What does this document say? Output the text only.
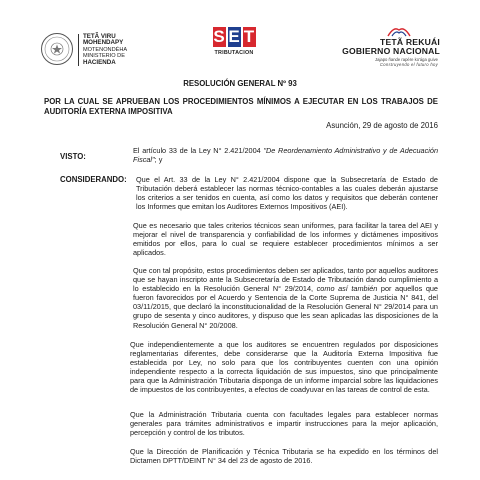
TETÃ VIRU
MOHENDAPY
MOTENONDÉHA
MINISTERIO DE
HACIENDA
S E T
TRIBUTACION
TETÃ REKUÁI
GOBIERNO NACIONAL
Jajapo ñande rapére ko'ága guive
Construyendo el futuro hoy
RESOLUCIÓN GENERAL Nº 93
POR LA CUAL SE APRUEBAN LOS PROCEDIMIENTOS MÍNIMOS A EJECUTAR EN LOS TRABAJOS DE AUDITORÍA EXTERNA IMPOSITIVA
Asunción, 29 de agosto de 2016
VISTO:
El artículo 33 de la Ley N° 2.421/2004 "De Reordenamiento Administrativo y de Adecuación Fiscal"; y
CONSIDERANDO: Que el Art. 33 de la Ley N° 2.421/2004 dispone que la Subsecretaría de Estado de Tributación deberá establecer las normas técnico-contables a las cuales deberán ajustarse los criterios a ser tenidos en cuenta, así como los datos y requisitos que deberán contener los Informes que emitan los Auditores Externos Impositivos (AEI).
Que es necesario que tales criterios técnicos sean uniformes, para facilitar la tarea del AEI y mejorar el nivel de transparencia y confiabilidad de los informes y dictámenes impositivos emitidos por ellos, para lo cual se requiere establecer procedimientos mínimos a ser aplicados.
Que con tal propósito, estos procedimientos deben ser aplicados, tanto por aquellos auditores que se hayan inscripto ante la Subsecretaría de Estado de Tributación dando cumplimiento a lo establecido en la Resolución General N° 29/2014, como así también por aquellos que fueron favorecidos por el Acuerdo y Sentencia de la Corte Suprema de Justicia N° 841, del 03/11/2015, que declaró la inconstitucionalidad de la Resolución General N° 29/2014 para un grupo de sesenta y cinco auditores, y dispuso que les sean aplicadas las disposiciones de la Resolución General N° 20/2008.
Que independientemente a que los auditores se encuentren regulados por disposiciones reglamentarias diferentes, debe considerarse que la Auditoría Externa Impositiva fue establecida por Ley, no solo para que los contribuyentes cuenten con una opinión independiente respecto a la correcta liquidación de sus impuestos, sino que principalmente para que la Administración Tributaria disponga de un informe imparcial sobre las liquidaciones de impuestos de los contribuyentes, a efectos de coadyuvar en las tareas de control de esta.
Que la Administración Tributaria cuenta con facultades legales para establecer normas generales para trámites administrativos e impartir instrucciones para la mejor aplicación, percepción y control de los tributos.
Que la Dirección de Planificación y Técnica Tributaria se ha expedido en los términos del Dictamen DPTT/DEINT N° 34 del 23 de agosto de 2016.
